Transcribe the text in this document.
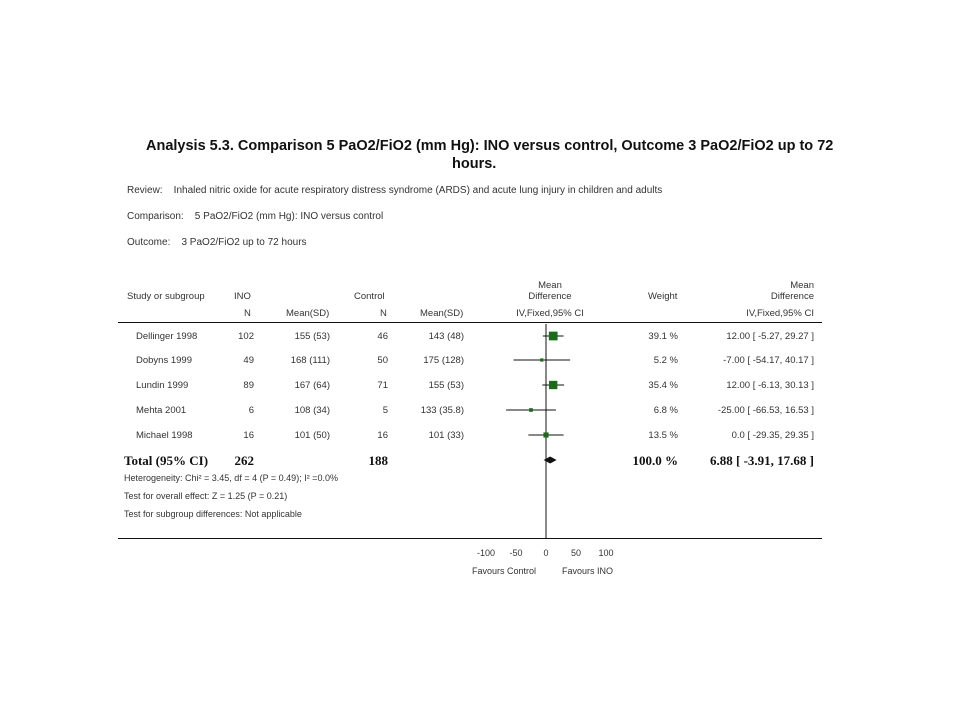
Analysis 5.3. Comparison 5 PaO2/FiO2 (mm Hg): INO versus control, Outcome 3 PaO2/FiO2 up to 72
hours.
Review:    Inhaled nitric oxide for acute respiratory distress syndrome (ARDS) and acute lung injury in children and adults
Comparison:    5 PaO2/FiO2 (mm Hg): INO versus control
Outcome:    3 PaO2/FiO2 up to 72 hours
Study or subgroup	INO
N	Mean(SD)
Control
N	Mean(SD)
Mean
Difference
IV,Fixed,95% CI
Weight
Mean
Difference
IV,Fixed,95% CI
Dellinger 1998	102	155 (53)	46	143 (48)	39.1 %	12.00 [ -5.27, 29.27 ]
Dobyns 1999	49	168 (111)	50	175 (128)	5.2 %	-7.00 [ -54.17, 40.17 ]
Lundin 1999	89	167 (64)	71	155 (53)	35.4 %	12.00 [ -6.13, 30.13 ]
Mehta 2001	6	108 (34)	5	133 (35.8)	6.8 %	-25.00 [ -66.53, 16.53 ]
Michael 1998	16	101 (50)	16	101 (33)	13.5 %	0.0 [ -29.35, 29.35 ]
Total (95% CI)	262	188	100.0 %	6.88 [ -3.91, 17.68 ]
Heterogeneity: Chi² = 3.45, df = 4 (P = 0.49); I² =0.0%
Test for overall effect: Z = 1.25 (P = 0.21)
Test for subgroup differences: Not applicable
-100 -50 0 50 100
Favours Control	Favours INO
